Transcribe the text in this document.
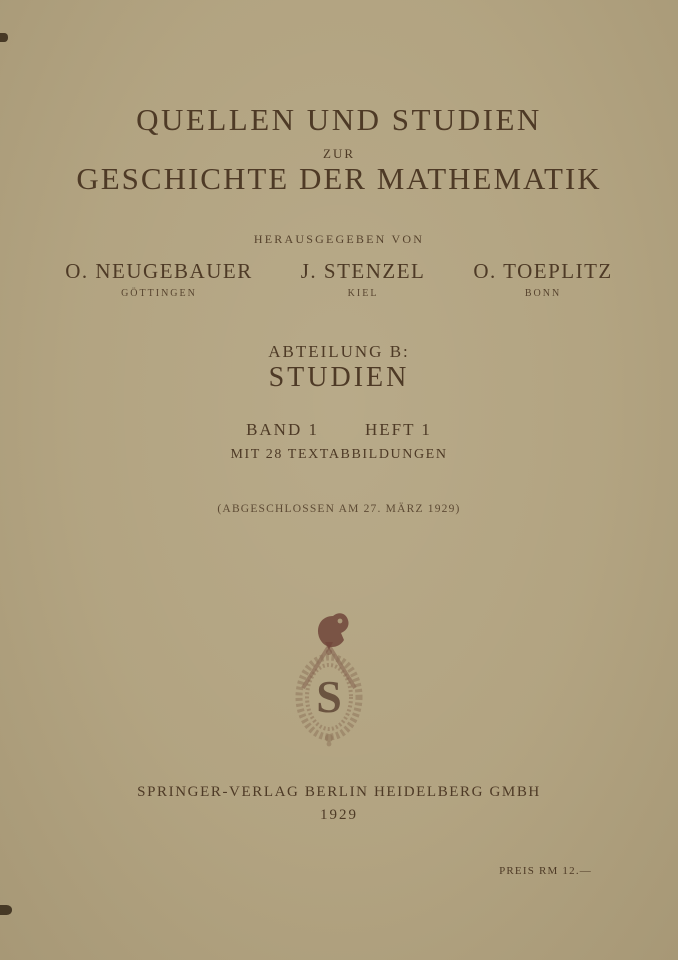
QUELLEN UND STUDIEN
ZUR
GESCHICHTE DER MATHEMATIK
HERAUSGEGEBEN VON
O. NEUGEBAUER
GÖTTINGEN
J. STENZEL
KIEL
O. TOEPLITZ
BONN
ABTEILUNG B:
STUDIEN
BAND 1	HEFT 1
MIT 28 TEXTABBILDUNGEN
(ABGESCHLOSSEN AM 27. MÄRZ 1929)
S
SPRINGER-VERLAG BERLIN HEIDELBERG GMBH
1929
PREIS RM 12.—
